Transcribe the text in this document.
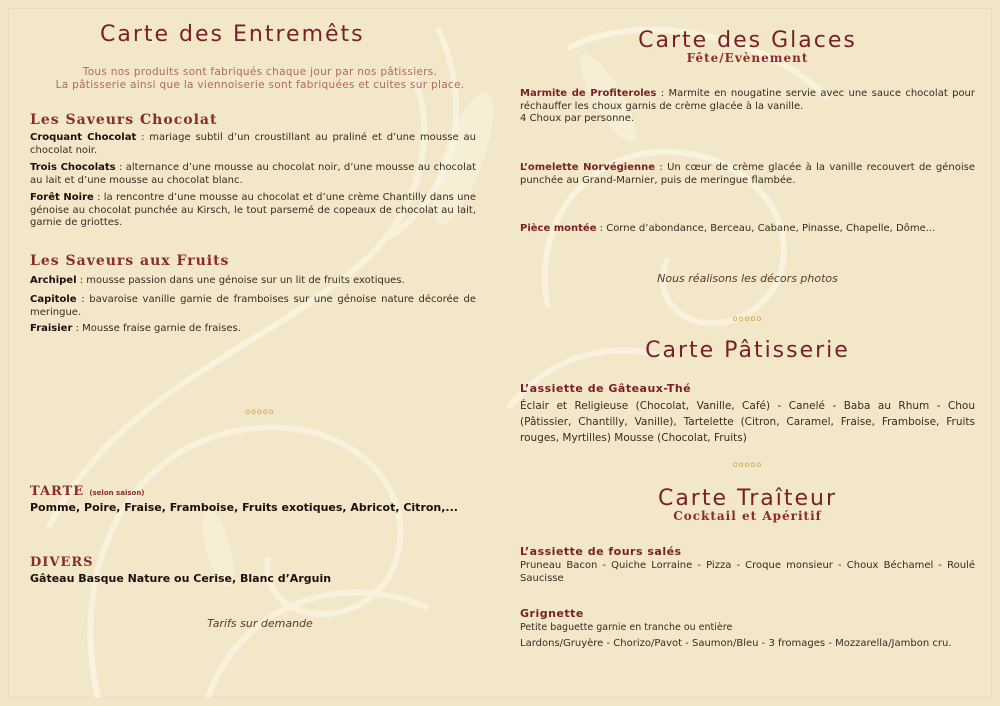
Carte des Entremêts
Tous nos produits sont fabriqués chaque jour par nos pâtissiers.
La pâtisserie ainsi que la viennoiserie sont fabriquées et cuites sur place.
Les Saveurs Chocolat
Croquant Chocolat : mariage subtil d’un croustillant au praliné et d’une mousse au chocolat noir.
Trois Chocolats : alternance d’une mousse au chocolat noir, d’une mousse au chocolat au lait et d’une mousse au chocolat blanc.
Forêt Noire : la rencontre d’une mousse au chocolat et d’une crème Chantilly dans une génoise au chocolat punchée au Kirsch, le tout parsemé de copeaux de chocolat au lait, garnie de griottes.
Les Saveurs aux Fruits
Archipel : mousse passion dans une génoise sur un lit de fruits exotiques.
Capitole : bavaroise vanille garnie de framboises sur une génoise nature décorée de meringue.
Fraisier : Mousse fraise garnie de fraises.
ooooo
TARTE (selon saison)
Pomme, Poire, Fraise, Framboise, Fruits exotiques, Abricot, Citron,...
DIVERS
Gâteau Basque Nature ou Cerise, Blanc d’Arguin
Tarifs sur demande
Carte des Glaces
Fête/Evènement
Marmite de Profiteroles : Marmite en nougatine servie avec une sauce chocolat pour réchauffer les choux garnis de crème glacée à la vanille.
4 Choux par personne.
L’omelette Norvégienne : Un cœur de crème glacée à la vanille recouvert de génoise punchée au Grand-Marnier, puis de meringue flambée.
Pièce montée : Corne d’abondance, Berceau, Cabane, Pinasse, Chapelle, Dôme...
Nous réalisons les décors photos
ooooo
Carte Pâtisserie
L’assiette de Gâteaux-Thé
Éclair et Religieuse (Chocolat, Vanille, Café) - Canelé - Baba au Rhum - Chou (Pâtissier, Chantilly, Vanille), Tartelette (Citron, Caramel, Fraise, Framboise, Fruits rouges, Myrtilles) Mousse (Chocolat, Fruits)
ooooo
Carte Traîteur
Cocktail et Apéritif
L’assiette de fours salés
Pruneau Bacon - Quiche Lorraine - Pizza - Croque monsieur - Choux Béchamel - Roulé Saucisse
Grignette
Petite baguette garnie en tranche ou entière
Lardons/Gruyère - Chorizo/Pavot - Saumon/Bleu - 3 fromages - Mozzarella/Jambon cru.
